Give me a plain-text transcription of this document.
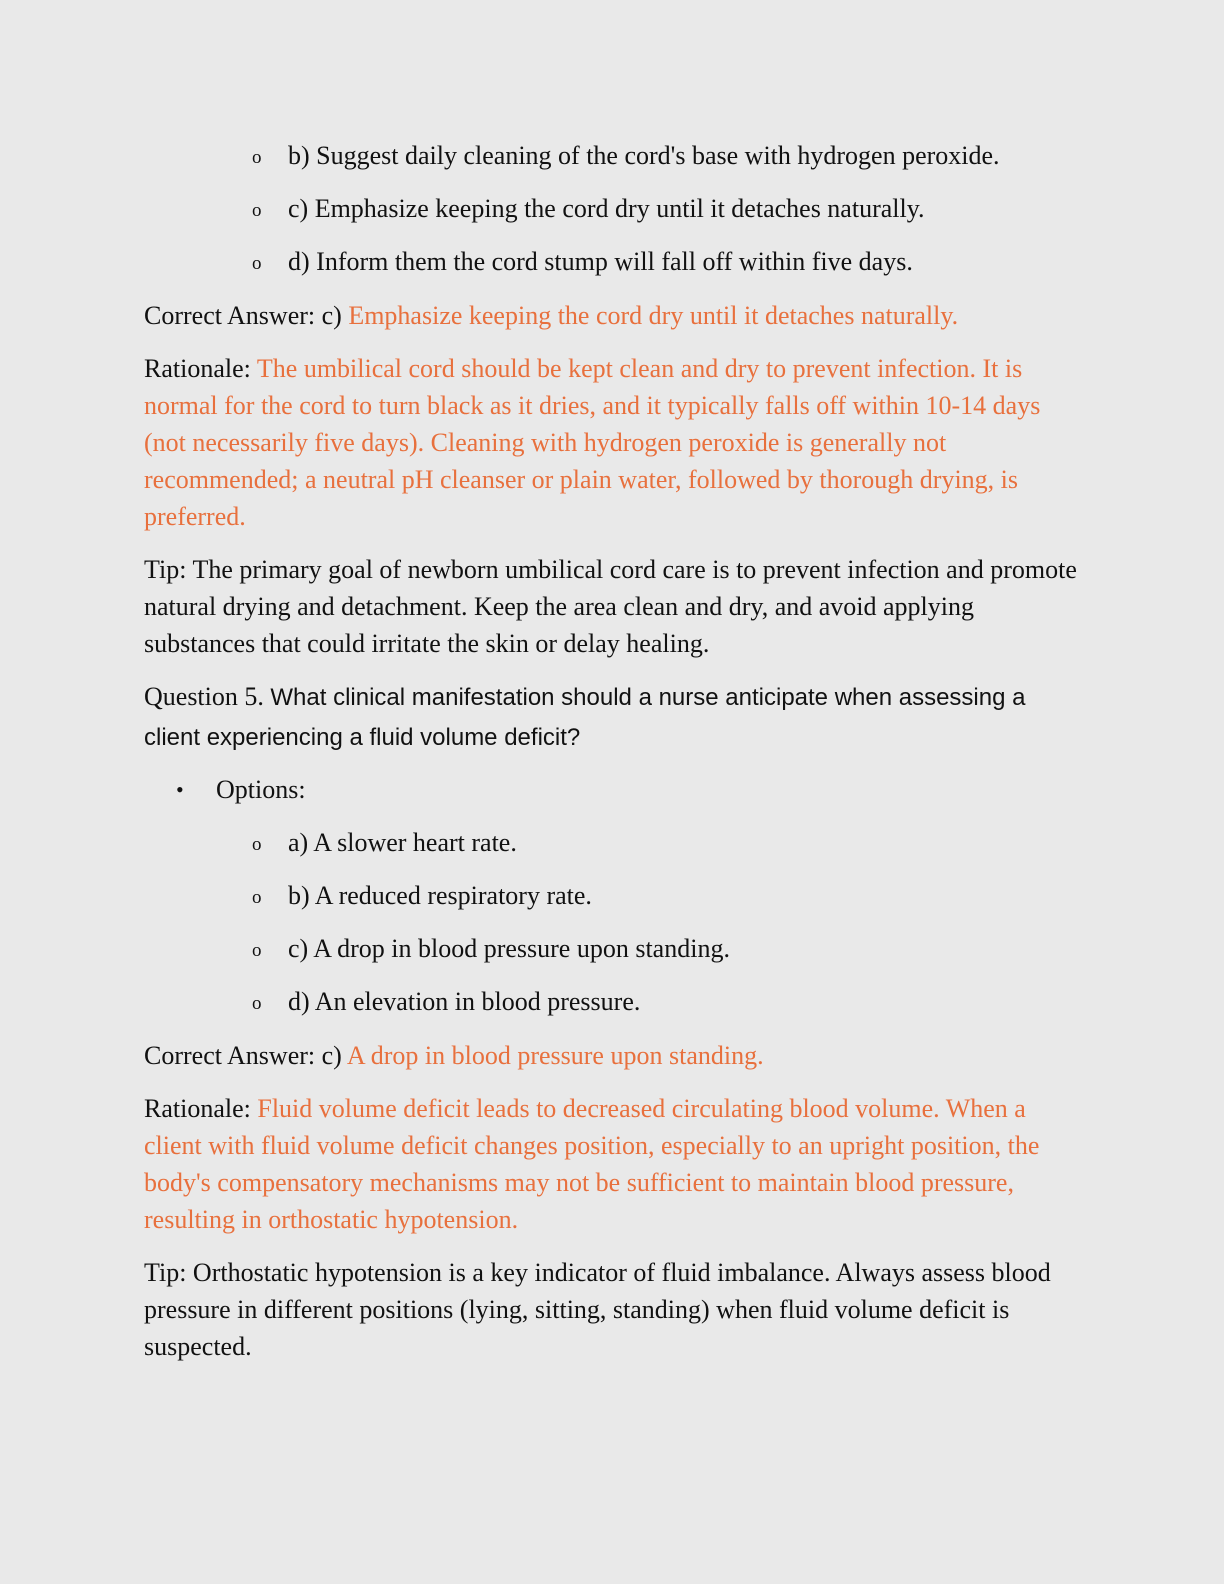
o b) Suggest daily cleaning of the cord's base with hydrogen peroxide.
o c) Emphasize keeping the cord dry until it detaches naturally.
o d) Inform them the cord stump will fall off within five days.

Correct Answer: c) Emphasize keeping the cord dry until it detaches naturally.

Rationale: The umbilical cord should be kept clean and dry to prevent infection. It is normal for the cord to turn black as it dries, and it typically falls off within 10-14 days (not necessarily five days). Cleaning with hydrogen peroxide is generally not recommended; a neutral pH cleanser or plain water, followed by thorough drying, is preferred.

Tip: The primary goal of newborn umbilical cord care is to prevent infection and promote natural drying and detachment. Keep the area clean and dry, and avoid applying substances that could irritate the skin or delay healing.

Question 5. What clinical manifestation should a nurse anticipate when assessing a client experiencing a fluid volume deficit?

• Options:
o a) A slower heart rate.
o b) A reduced respiratory rate.
o c) A drop in blood pressure upon standing.
o d) An elevation in blood pressure.

Correct Answer: c) A drop in blood pressure upon standing.

Rationale: Fluid volume deficit leads to decreased circulating blood volume. When a client with fluid volume deficit changes position, especially to an upright position, the body's compensatory mechanisms may not be sufficient to maintain blood pressure, resulting in orthostatic hypotension.

Tip: Orthostatic hypotension is a key indicator of fluid imbalance. Always assess blood pressure in different positions (lying, sitting, standing) when fluid volume deficit is suspected.
